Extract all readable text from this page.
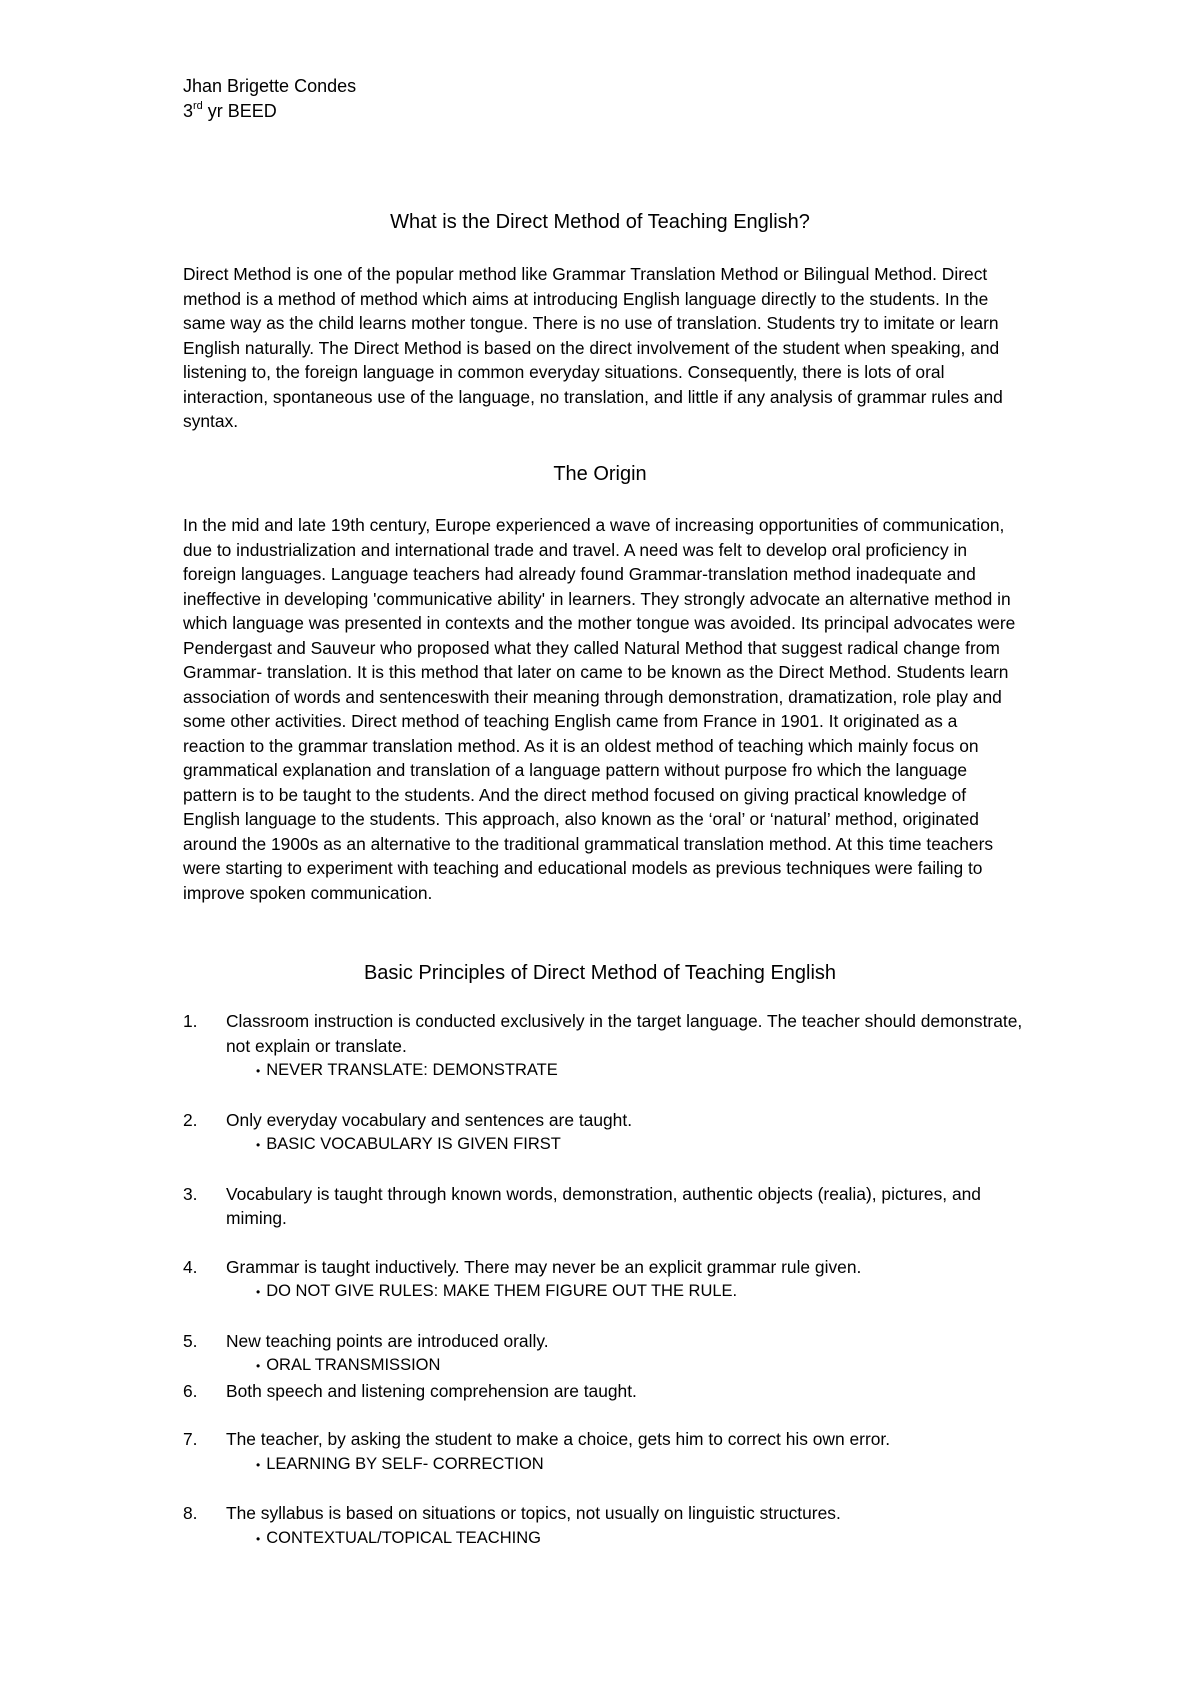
Jhan Brigette Condes
3rd yr BEED
What is the Direct Method of Teaching English?
Direct Method is one of the popular method like Grammar Translation Method or Bilingual Method. Direct method is a method of method which aims at introducing English language directly to the students. In the same way as the child learns mother tongue. There is no use of translation. Students try to imitate or learn English naturally. The Direct Method is based on the direct involvement of the student when speaking, and listening to, the foreign language in common everyday situations. Consequently, there is lots of oral interaction, spontaneous use of the language, no translation, and little if any analysis of grammar rules and syntax.
The Origin
In the mid and late 19th century, Europe experienced a wave of increasing opportunities of communication, due to industrialization and international trade and travel. A need was felt to develop oral proficiency in foreign languages. Language teachers had already found Grammar-translation method inadequate and ineffective in developing 'communicative ability' in learners. They strongly advocate an alternative method in which language was presented in contexts and the mother tongue was avoided. Its principal advocates were Pendergast and Sauveur who proposed what they called Natural Method that suggest radical change from Grammar- translation. It is this method that later on came to be known as the Direct Method. Students learn association of words and sentenceswith their meaning through demonstration, dramatization, role play and some other activities. Direct method of teaching English came from France in 1901. It originated as a reaction to the grammar translation method. As it is an oldest method of teaching which mainly focus on grammatical explanation and translation of a language pattern without purpose fro which the language pattern is to be taught to the students. And the direct method focused on giving practical knowledge of English language to the students. This approach, also known as the ‘oral’ or ‘natural’ method, originated around the 1900s as an alternative to the traditional grammatical translation method. At this time teachers were starting to experiment with teaching and educational models as previous techniques were failing to improve spoken communication.
Basic Principles of Direct Method of Teaching English
1. Classroom instruction is conducted exclusively in the target language. The teacher should demonstrate, not explain or translate.
• NEVER TRANSLATE: DEMONSTRATE
2. Only everyday vocabulary and sentences are taught.
• BASIC VOCABULARY IS GIVEN FIRST
3. Vocabulary is taught through known words, demonstration, authentic objects (realia), pictures, and miming.
4. Grammar is taught inductively. There may never be an explicit grammar rule given.
• DO NOT GIVE RULES: MAKE THEM FIGURE OUT THE RULE.
5. New teaching points are introduced orally.
• ORAL TRANSMISSION
6. Both speech and listening comprehension are taught.
7. The teacher, by asking the student to make a choice, gets him to correct his own error.
• LEARNING BY SELF- CORRECTION
8. The syllabus is based on situations or topics, not usually on linguistic structures.
• CONTEXTUAL/TOPICAL TEACHING
